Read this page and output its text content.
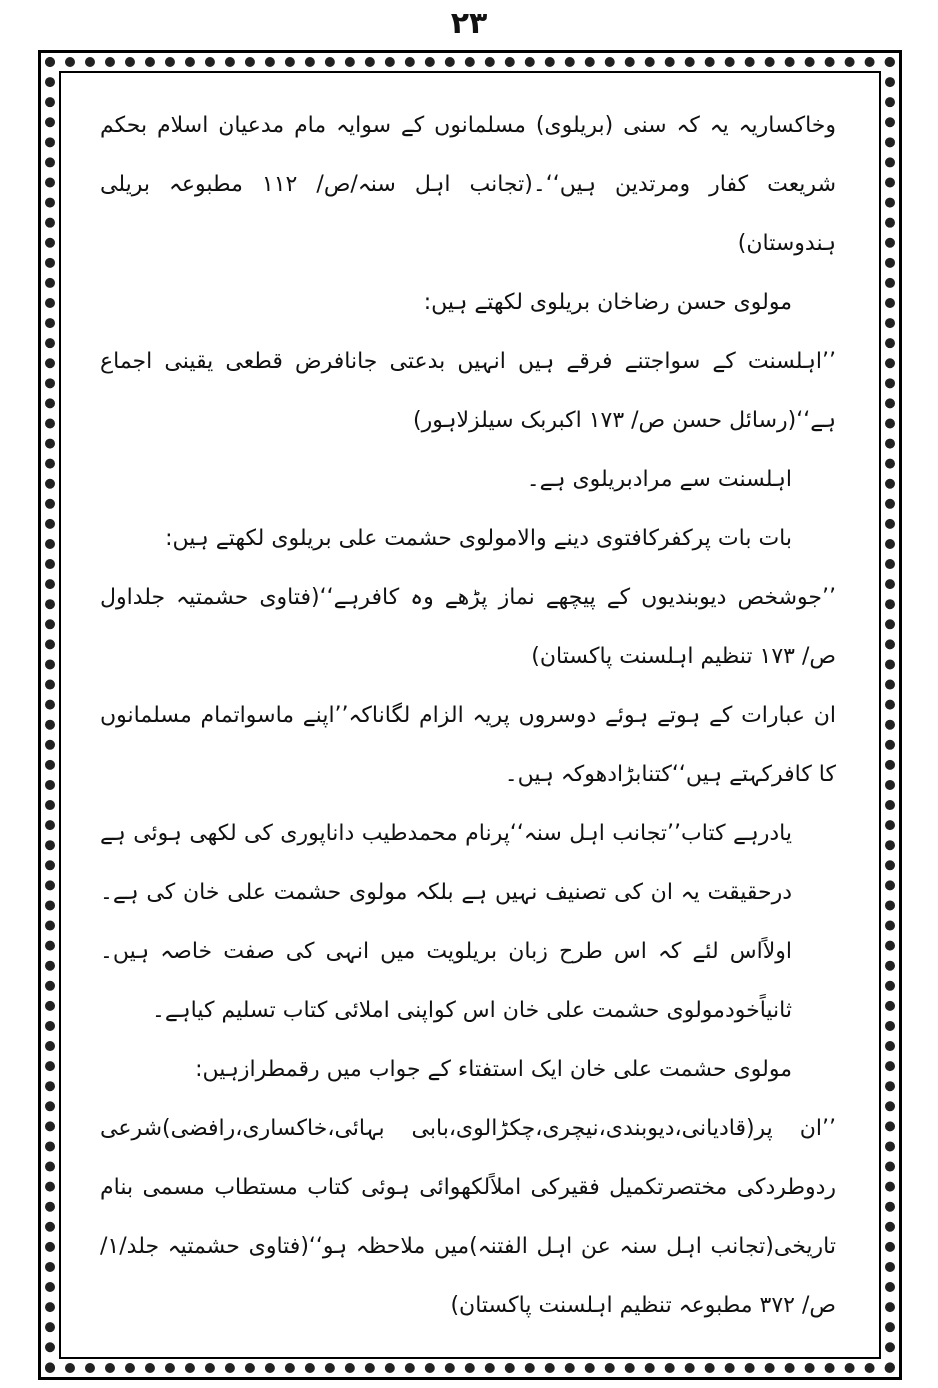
۲۳

وخاکساریہ یہ کہ سنی (بریلوی) مسلمانوں کے سوایہ مام مدعیان اسلام بحکم شریعت کفار ومرتدین ہیں‘‘۔(تجانب اہل سنہ/ص/ ۱۱۲ مطبوعہ بریلی ہندوستان)

مولوی حسن رضاخان بریلوی لکھتے ہیں:

’’اہلسنت کے سواجتنے فرقے ہیں انہیں بدعتی جانافرض قطعی یقینی اجماع ہے‘‘(رسائل حسن ص/ ۱۷۳ اکبربک سیلزلاہور)

اہلسنت سے مرادبریلوی ہے۔

بات بات پرکفرکافتوی دینے والامولوی حشمت علی بریلوی لکھتے ہیں:

’’جوشخص دیوبندیوں کے پیچھے نماز پڑھے وہ کافرہے‘‘(فتاوی حشمتیہ جلداول ص/ ۱۷۳ تنظیم اہلسنت پاکستان)

ان عبارات کے ہوتے ہوئے دوسروں پریہ الزام لگاناکہ’’اپنے ماسواتمام مسلمانوں کا کافرکہتے ہیں‘‘کتنابڑادھوکہ ہیں۔

یادرہے کتاب’’تجانب اہل سنہ‘‘پرنام محمدطیب داناپوری کی لکھی ہوئی ہے درحقیقت یہ ان کی تصنیف نہیں ہے بلکہ مولوی حشمت علی خان کی ہے۔اولاًاس لئے کہ اس طرح زبان بریلویت میں انہی کی صفت خاصہ ہیں۔ثانیاًخودمولوی حشمت علی خان اس کواپنی املائی کتاب تسلیم کیاہے۔

مولوی حشمت علی خان ایک استفتاء کے جواب میں رقمطرازہیں:

’’ان پر(قادیانی،دیوبندی،نیچری،چکڑالوی،بابی بہائی،خاکساری،رافضی)شرعی ردوطردکی مختصرتکمیل فقیرکی املاًلکھوائی ہوئی کتاب مستطاب مسمی بنام تاریخی(تجانب اہل سنہ عن اہل الفتنہ)میں ملاحظہ ہو‘‘(فتاوی حشمتیہ جلد/۱/ص/ ۳۷۲ مطبوعہ تنظیم اہلسنت پاکستان)
